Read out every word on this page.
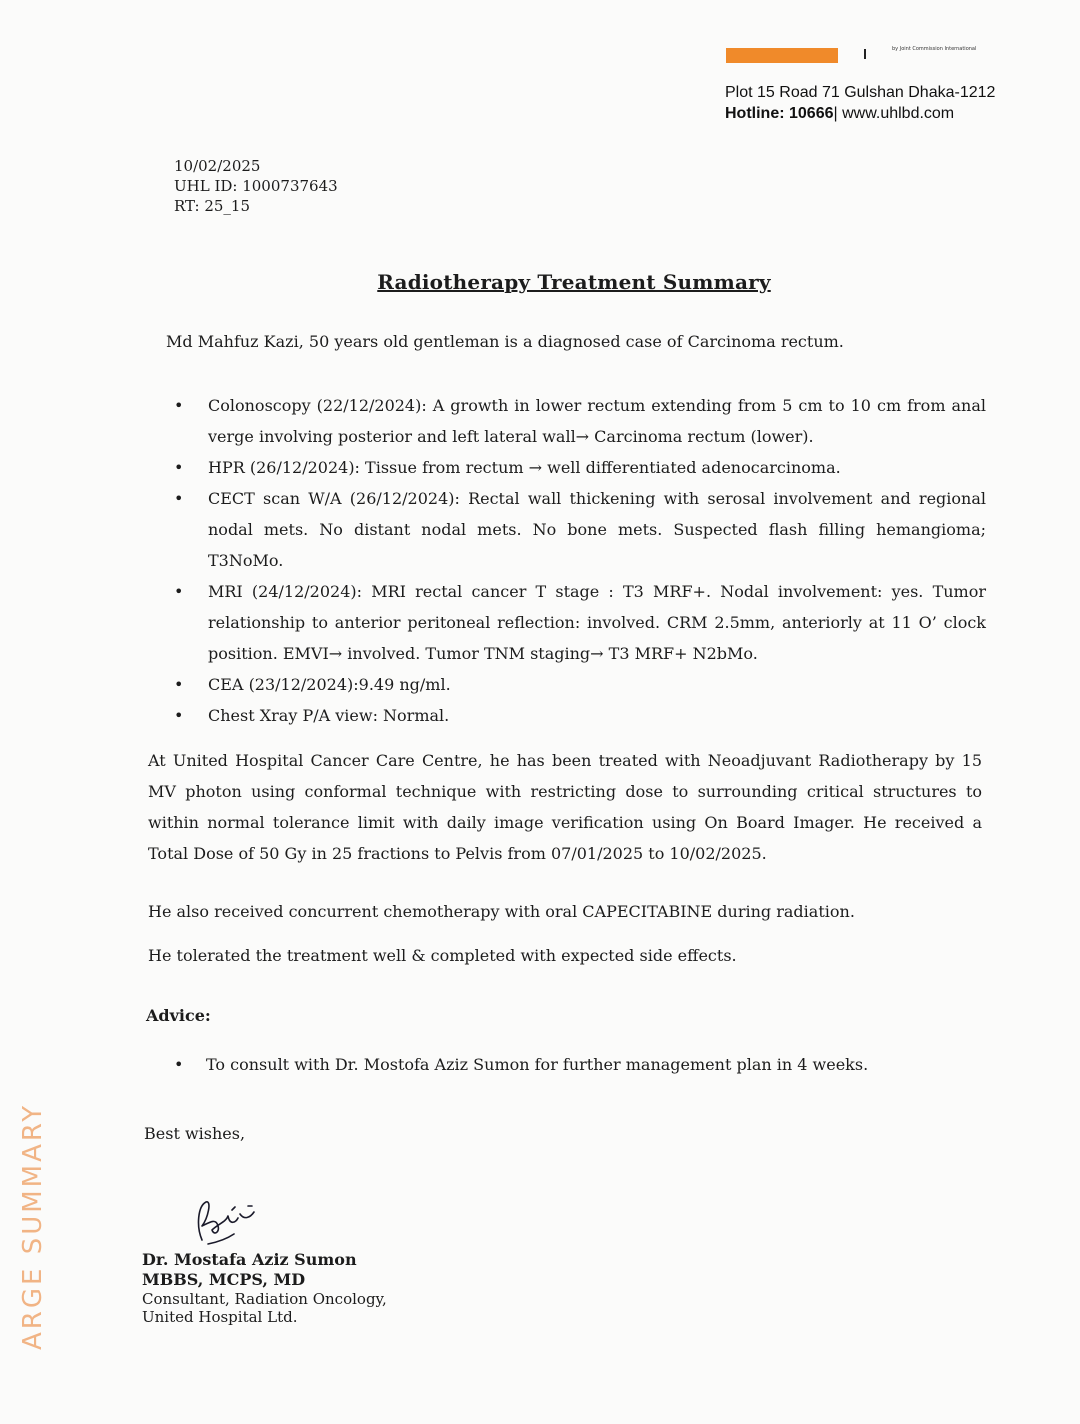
by Joint Commission International
Plot 15 Road 71 Gulshan Dhaka-1212
Hotline: 10666| www.uhlbd.com
10/02/2025
UHL ID: 1000737643
RT: 25_15
Radiotherapy Treatment Summary
Md Mahfuz Kazi, 50 years old gentleman is a diagnosed case of Carcinoma rectum.
• Colonoscopy (22/12/2024): A growth in lower rectum extending from 5 cm to 10 cm from anal verge involving posterior and left lateral wall→ Carcinoma rectum (lower).
• HPR (26/12/2024): Tissue from rectum → well differentiated adenocarcinoma.
• CECT scan W/A (26/12/2024): Rectal wall thickening with serosal involvement and regional nodal mets. No distant nodal mets. No bone mets. Suspected flash filling hemangioma; T3NoMo.
• MRI (24/12/2024): MRI rectal cancer T stage : T3 MRF+. Nodal involvement: yes. Tumor relationship to anterior peritoneal reflection: involved. CRM 2.5mm, anteriorly at 11 O’ clock position. EMVI→ involved. Tumor TNM staging→ T3 MRF+ N2bMo.
• CEA (23/12/2024):9.49 ng/ml.
• Chest Xray P/A view: Normal.

At United Hospital Cancer Care Centre, he has been treated with Neoadjuvant Radiotherapy by 15 MV photon using conformal technique with restricting dose to surrounding critical structures to within normal tolerance limit with daily image verification using On Board Imager. He received a Total Dose of 50 Gy in 25 fractions to Pelvis from 07/01/2025 to 10/02/2025.

He also received concurrent chemotherapy with oral CAPECITABINE during radiation.

He tolerated the treatment well & completed with expected side effects.

Advice:
• To consult with Dr. Mostofa Aziz Sumon for further management plan in 4 weeks.
Best wishes,
Dr. Mostafa Aziz Sumon
MBBS, MCPS, MD
Consultant, Radiation Oncology,
United Hospital Ltd.
ARGE SUMMARY
